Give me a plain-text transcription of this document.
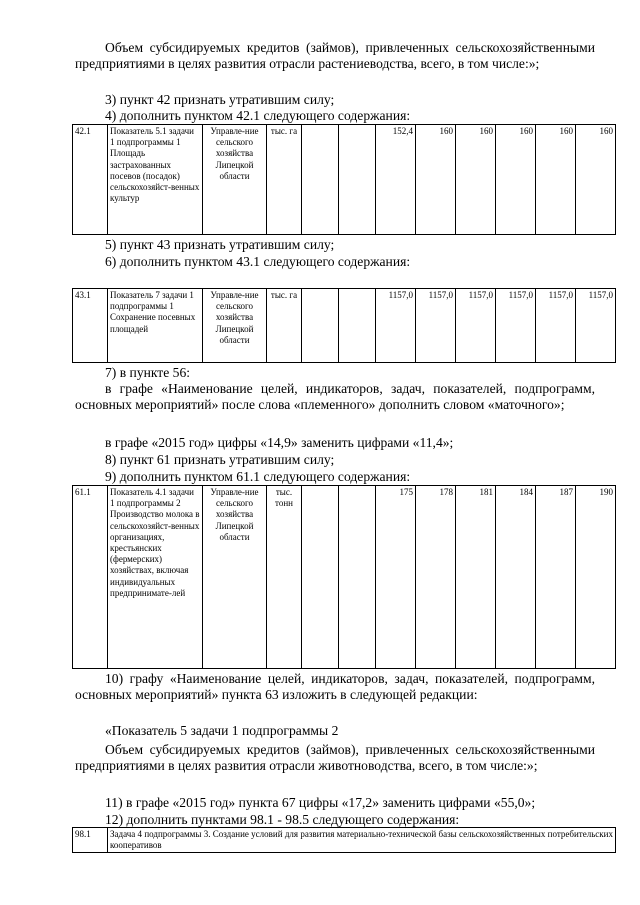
Объем субсидируемых кредитов (займов), привлеченных сельскохозяйственными предприятиями в целях развития отрасли растениеводства, всего, в том числе:»;

3) пункт 42 признать утратившим силу;

4) дополнить пунктом 42.1 следующего содержания:

42.1	Показатель 5.1 задачи 1 подпрограммы 1 Площадь застрахованных посевов (посадок) сельскохозяйст-венных культур	Управле-ние сельского хозяйства Липецкой области	тыс. га			152,4	160	160	160	160	160

5) пункт 43 признать утратившим силу;

6) дополнить пунктом 43.1 следующего содержания:

43.1	Показатель 7 задачи 1 подпрограммы 1 Сохранение посевных площадей	Управле-ние сельского хозяйства Липецкой области	тыс. га			1157,0	1157,0	1157,0	1157,0	1157,0	1157,0

7) в пункте 56:

в графе «Наименование целей, индикаторов, задач, показателей, подпрограмм, основных мероприятий» после слова «племенного» дополнить словом «маточного»;

в графе «2015 год» цифры «14,9» заменить цифрами «11,4»;

8) пункт 61 признать утратившим силу;

9) дополнить пунктом 61.1 следующего содержания:

61.1	Показатель 4.1 задачи 1 подпрограммы 2 Производство молока в сельскохозяйст-венных организациях, крестьянских (фермерских) хозяйствах, включая индивидуальных предпринимате-лей	Управле-ние сельского хозяйства Липецкой области	тыс. тонн			175	178	181	184	187	190

10) графу «Наименование целей, индикаторов, задач, показателей, подпрограмм, основных мероприятий» пункта 63 изложить в следующей редакции:

«Показатель 5 задачи 1 подпрограммы 2

Объем субсидируемых кредитов (займов), привлеченных сельскохозяйственными предприятиями в целях развития отрасли животноводства, всего, в том числе:»;

11) в графе «2015 год» пункта 67 цифры «17,2» заменить цифрами «55,0»;

12) дополнить пунктами 98.1 - 98.5 следующего содержания:

98.1	Задача 4 подпрограммы 3. Создание условий для развития материально-технической базы сельскохозяйственных потребительских кооперативов
